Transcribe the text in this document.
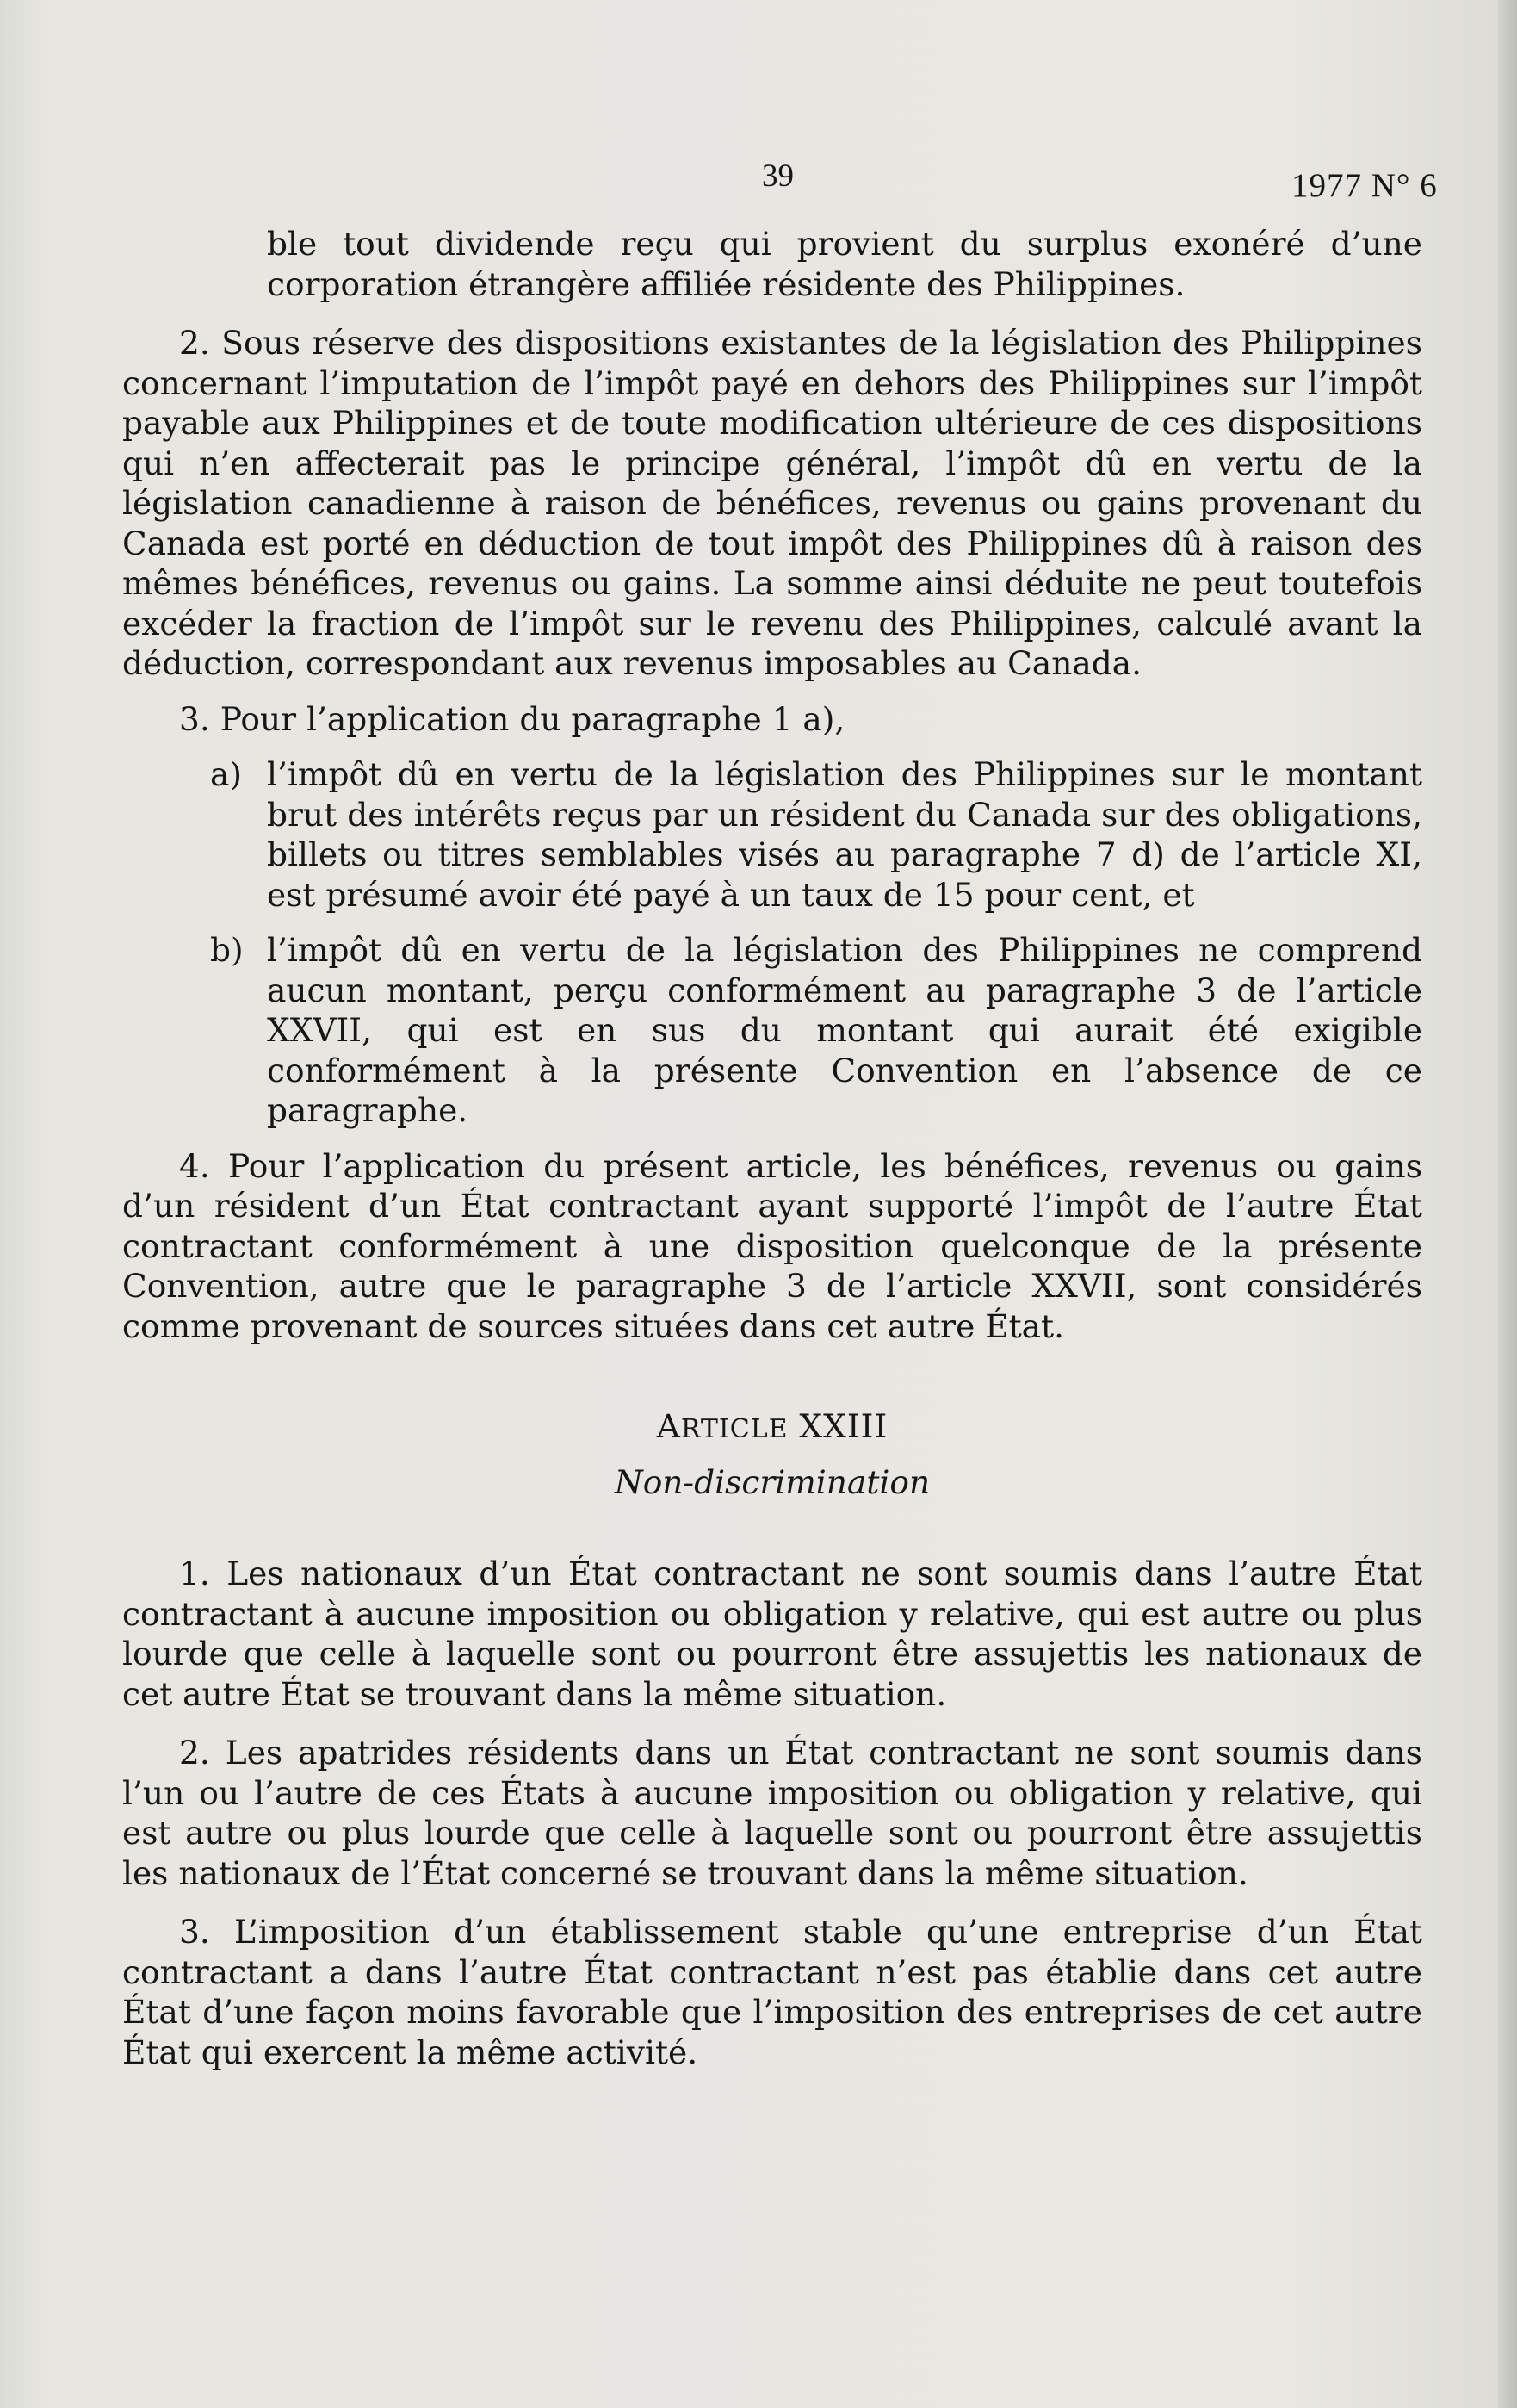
39	1977 N° 6

ble tout dividende reçu qui provient du surplus exonéré d’une corporation étrangère affiliée résidente des Philippines.

2. Sous réserve des dispositions existantes de la législation des Philippines concernant l’imputation de l’impôt payé en dehors des Philippines sur l’impôt payable aux Philippines et de toute modification ultérieure de ces dispositions qui n’en affecterait pas le principe général, l’impôt dû en vertu de la législation canadienne à raison de bénéfices, revenus ou gains provenant du Canada est porté en déduction de tout impôt des Philippines dû à raison des mêmes bénéfices, revenus ou gains. La somme ainsi déduite ne peut toutefois excéder la fraction de l’impôt sur le revenu des Philippines, calculé avant la déduction, correspondant aux revenus imposables au Canada.

3. Pour l’application du paragraphe 1 a),

a) l’impôt dû en vertu de la législation des Philippines sur le montant brut des intérêts reçus par un résident du Canada sur des obligations, billets ou titres semblables visés au paragraphe 7 d) de l’article XI, est présumé avoir été payé à un taux de 15 pour cent, et

b) l’impôt dû en vertu de la législation des Philippines ne comprend aucun montant, perçu conformément au paragraphe 3 de l’article XXVII, qui est en sus du montant qui aurait été exigible conformément à la présente Convention en l’absence de ce paragraphe.

4. Pour l’application du présent article, les bénéfices, revenus ou gains d’un résident d’un État contractant ayant supporté l’impôt de l’autre État contractant conformément à une disposition quelconque de la présente Convention, autre que le paragraphe 3 de l’article XXVII, sont considérés comme provenant de sources situées dans cet autre État.

ARTICLE XXIII

Non-discrimination

1. Les nationaux d’un État contractant ne sont soumis dans l’autre État contractant à aucune imposition ou obligation y relative, qui est autre ou plus lourde que celle à laquelle sont ou pourront être assujettis les nationaux de cet autre État se trouvant dans la même situation.

2. Les apatrides résidents dans un État contractant ne sont soumis dans l’un ou l’autre de ces États à aucune imposition ou obligation y relative, qui est autre ou plus lourde que celle à laquelle sont ou pourront être assujettis les nationaux de l’État concerné se trouvant dans la même situation.

3. L’imposition d’un établissement stable qu’une entreprise d’un État contractant a dans l’autre État contractant n’est pas établie dans cet autre État d’une façon moins favorable que l’imposition des entreprises de cet autre État qui exercent la même activité.
